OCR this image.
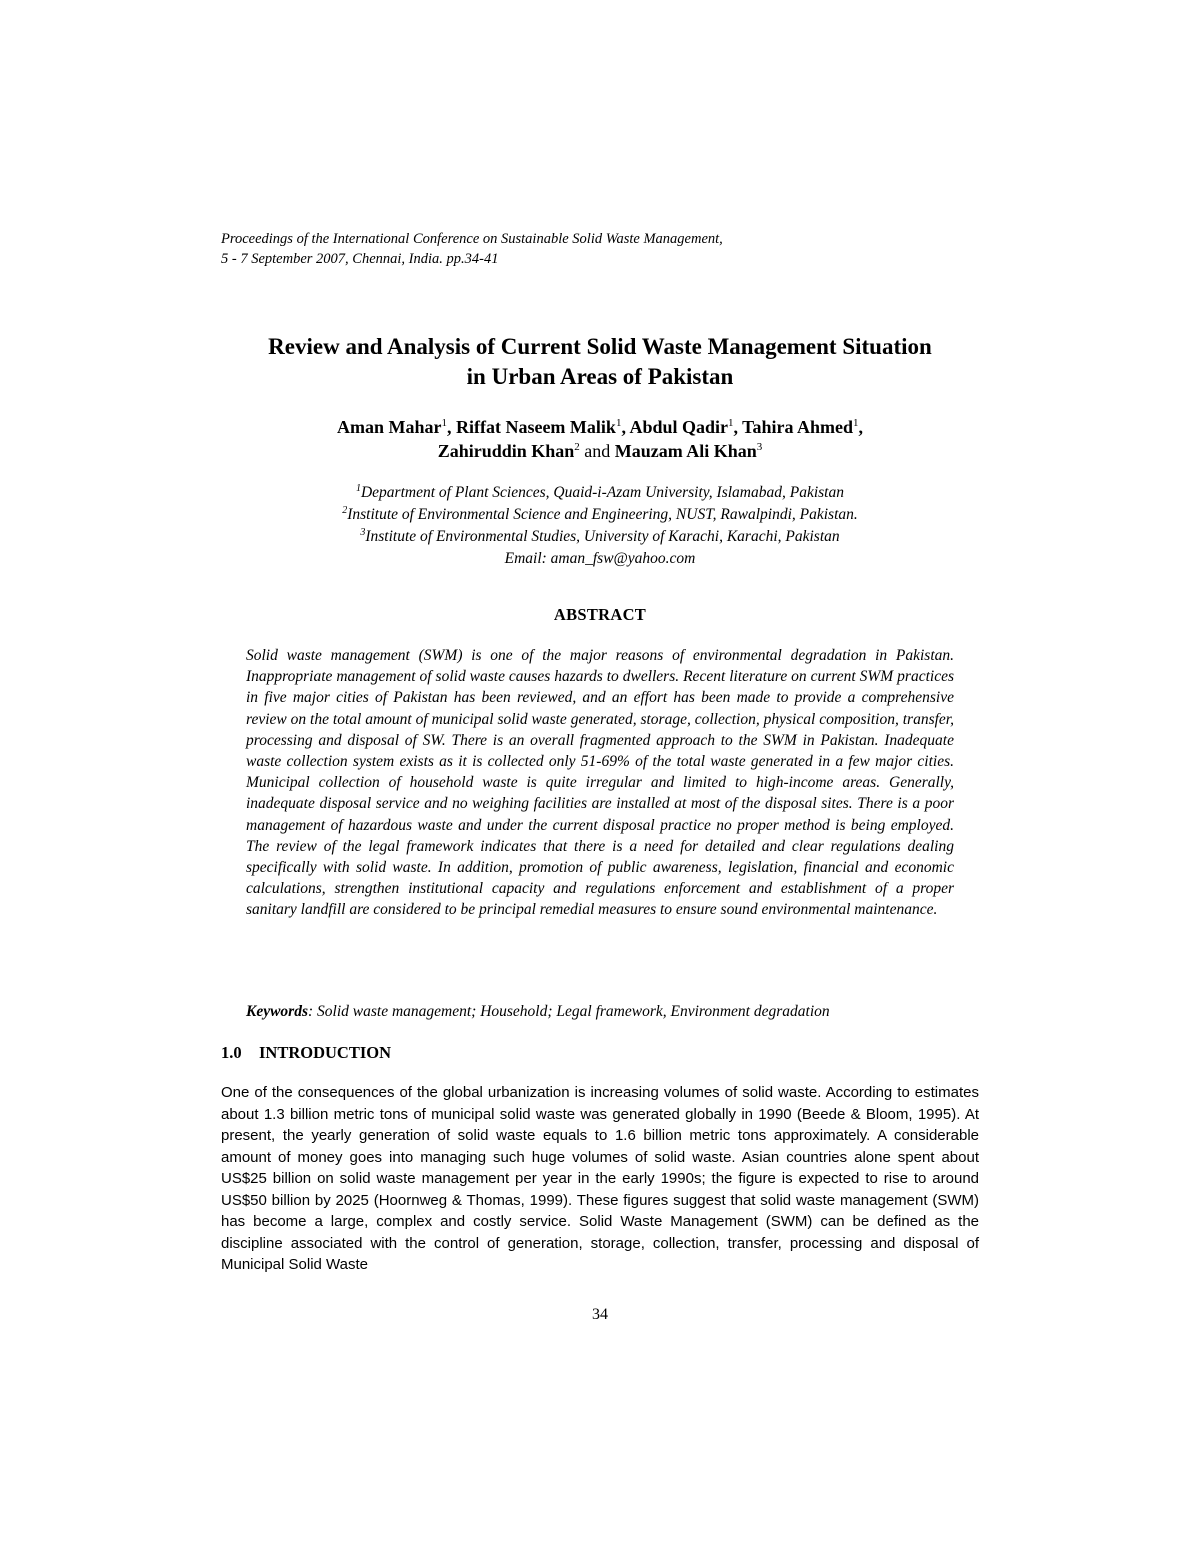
Proceedings of the International Conference on Sustainable Solid Waste Management,
5 - 7 September 2007, Chennai, India. pp.34-41
Review and Analysis of Current Solid Waste Management Situation
in Urban Areas of Pakistan
Aman Mahar$^1$, Riffat Naseem Malik$^1$, Abdul Qadir$^1$, Tahira Ahmed$^1$,
Zahiruddin Khan$^2$ and Mauzam Ali Khan$^3$
$^1$Department of Plant Sciences, Quaid-i-Azam University, Islamabad, Pakistan
$^2$Institute of Environmental Science and Engineering, NUST, Rawalpindi, Pakistan.
$^3$Institute of Environmental Studies, University of Karachi, Karachi, Pakistan
Email: aman_fsw@yahoo.com
ABSTRACT
Solid waste management (SWM) is one of the major reasons of environmental degradation in Pakistan. Inappropriate management of solid waste causes hazards to dwellers. Recent literature on current SWM practices in five major cities of Pakistan has been reviewed, and an effort has been made to provide a comprehensive review on the total amount of municipal solid waste generated, storage, collection, physical composition, transfer, processing and disposal of SW. There is an overall fragmented approach to the SWM in Pakistan. Inadequate waste collection system exists as it is collected only 51-69% of the total waste generated in a few major cities. Municipal collection of household waste is quite irregular and limited to high-income areas. Generally, inadequate disposal service and no weighing facilities are installed at most of the disposal sites. There is a poor management of hazardous waste and under the current disposal practice no proper method is being employed. The review of the legal framework indicates that there is a need for detailed and clear regulations dealing specifically with solid waste. In addition, promotion of public awareness, legislation, financial and economic calculations, strengthen institutional capacity and regulations enforcement and establishment of a proper sanitary landfill are considered to be principal remedial measures to ensure sound environmental maintenance.
Keywords: Solid waste management; Household; Legal framework, Environment degradation
1.0 INTRODUCTION
One of the consequences of the global urbanization is increasing volumes of solid waste. According to estimates about 1.3 billion metric tons of municipal solid waste was generated globally in 1990 (Beede & Bloom, 1995). At present, the yearly generation of solid waste equals to 1.6 billion metric tons approximately. A considerable amount of money goes into managing such huge volumes of solid waste. Asian countries alone spent about US$25 billion on solid waste management per year in the early 1990s; the figure is expected to rise to around US$50 billion by 2025 (Hoornweg & Thomas, 1999). These figures suggest that solid waste management (SWM) has become a large, complex and costly service. Solid Waste Management (SWM) can be defined as the discipline associated with the control of generation, storage, collection, transfer, processing and disposal of Municipal Solid Waste
34
